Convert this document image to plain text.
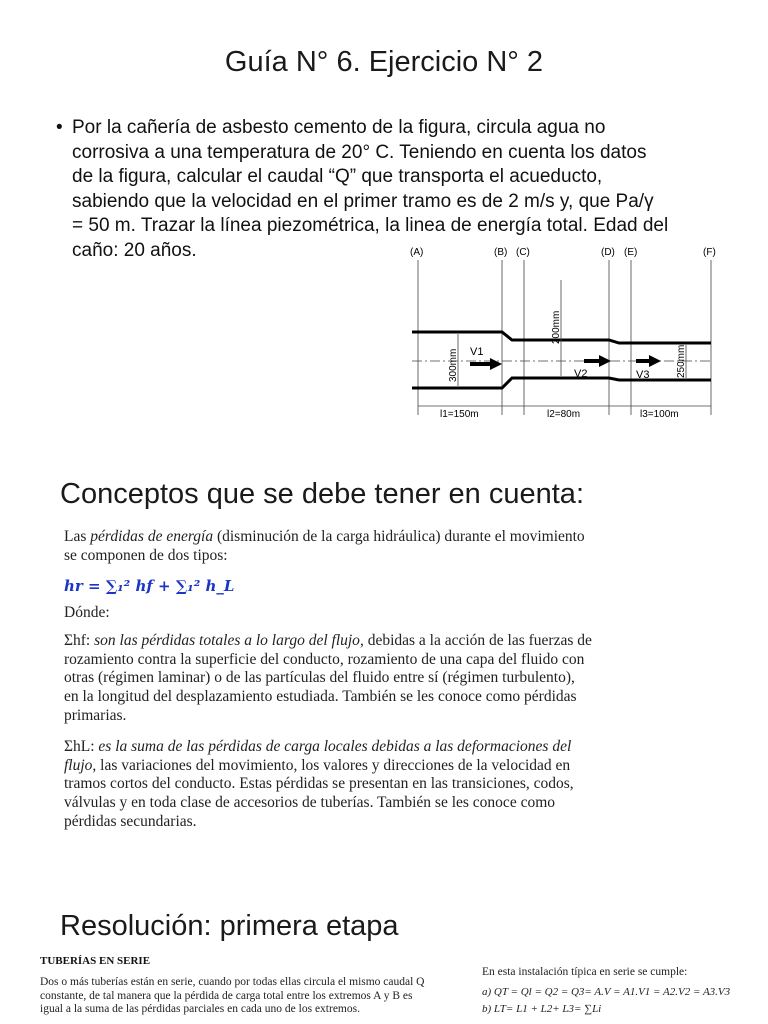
Guía N° 6. Ejercicio N° 2
• Por la cañería de asbesto cemento de la figura, circula agua no
corrosiva a una temperatura de 20° C. Teniendo en cuenta los datos
de la figura, calcular el caudal “Q” que transporta el acueducto,
sabiendo que la velocidad en el primer tramo es de 2 m/s y, que Pa/γ
= 50 m. Trazar la línea piezométrica, la linea de energía total. Edad del
caño: 20 años.	(A)	(B) (C)	(D) (E)	(F)
300mm
200mm
250mm
V1
V2	V3
l1=150m	l2=80m	l3=100m
Conceptos que se debe tener en cuenta:
Las pérdidas de energía (disminución de la carga hidráulica) durante el movimiento
se componen de dos tipos:
hr = ∑₁² hf + ∑₁² h_L
Dónde:
Σhf: son las pérdidas totales a lo largo del flujo, debidas a la acción de las fuerzas de
rozamiento contra la superficie del conducto, rozamiento de una capa del fluido con
otras (régimen laminar) o de las partículas del fluido entre sí (régimen turbulento),
en la longitud del desplazamiento estudiada. También se les conoce como pérdidas
primarias.
ΣhL: es la suma de las pérdidas de carga locales debidas a las deformaciones del
flujo, las variaciones del movimiento, los valores y direcciones de la velocidad en
tramos cortos del conducto. Estas pérdidas se presentan en las transiciones, codos,
válvulas y en toda clase de accesorios de tuberías. También se les conoce como
pérdidas secundarias.
Resolución: primera etapa
TUBERÍAS EN SERIE
Dos o más tuberías están en serie, cuando por todas ellas circula el mismo caudal Q
constante, de tal manera que la pérdida de carga total entre los extremos A y B es
igual a la suma de las pérdidas parciales en cada uno de los extremos.
En esta instalación típica en serie se cumple:
a) QT = Ql = Q2 = Q3= A.V = A1.V1 = A2.V2 = A3.V3
b) LT= L1 + L2+ L3= ∑Li
